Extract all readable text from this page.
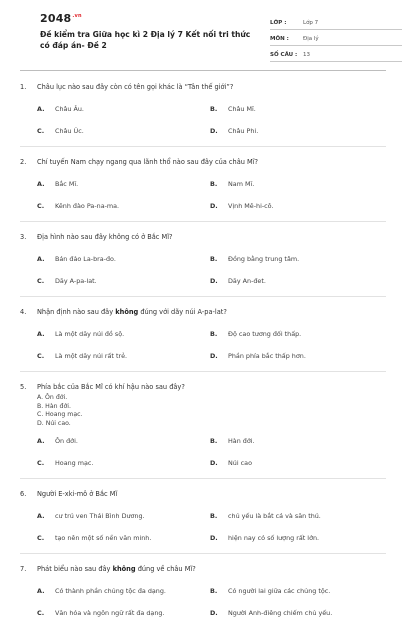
$2048^{.vn}$
Đề kiểm tra Giữa học kì 2 Địa lý 7 Kết nối tri thức có đáp án- Đề 2
LỚP :	Lớp 7
MÔN :	Địa lý
SỐ CÂU :	13
1.	Châu lục nào sau đây còn có tên gọi khác là “Tân thế giới”?
A.	Châu Âu.	B.	Châu Mĩ.
C.	Châu Úc.	D.	Châu Phi.
2.	Chí tuyến Nam chạy ngang qua lãnh thổ nào sau đây của châu Mĩ?
A.	Bắc Mĩ.	B.	Nam Mĩ.
C.	Kênh đào Pa-na-ma.	D.	Vịnh Mê-hi-cô.
3.	Địa hình nào sau đây không có ở Bắc Mĩ?
A.	Bán đảo La-bra-đo.	B.	Đồng bằng trung tâm.
C.	Dãy A-pa-lat.	D.	Dãy An-đet.
4.	Nhận định nào sau đây không đúng với dãy núi A-pa-lat?
A.	Là một dãy núi đồ sộ.	B.	Độ cao tương đối thấp.
C.	Là một dãy núi rất trẻ.	D.	Phần phía bắc thấp hơn.
5.	Phía bắc của Bắc Mĩ có khí hậu nào sau đây?
A. Ôn đới.
B. Hàn đới.
C. Hoang mạc.
D. Núi cao.
A.	Ôn đới.	B.	Hàn đới.
C.	Hoang mạc.	D.	Núi cao
6.	Người E-xki-mô ở Bắc Mĩ
A.	cư trú ven Thái Bình Dương.	B.	chủ yếu là bắt cá và săn thú.
C.	tạo nên một số nền văn minh.	D.	hiện nay có số lượng rất lớn.
7.	Phát biểu nào sau đây không đúng về châu Mĩ?
A.	Có thành phần chủng tộc đa dạng.	B.	Có người lai giữa các chủng tộc.
C.	Văn hóa và ngôn ngữ rất đa dạng.	D.	Người Anh-điêng chiếm chủ yếu.
